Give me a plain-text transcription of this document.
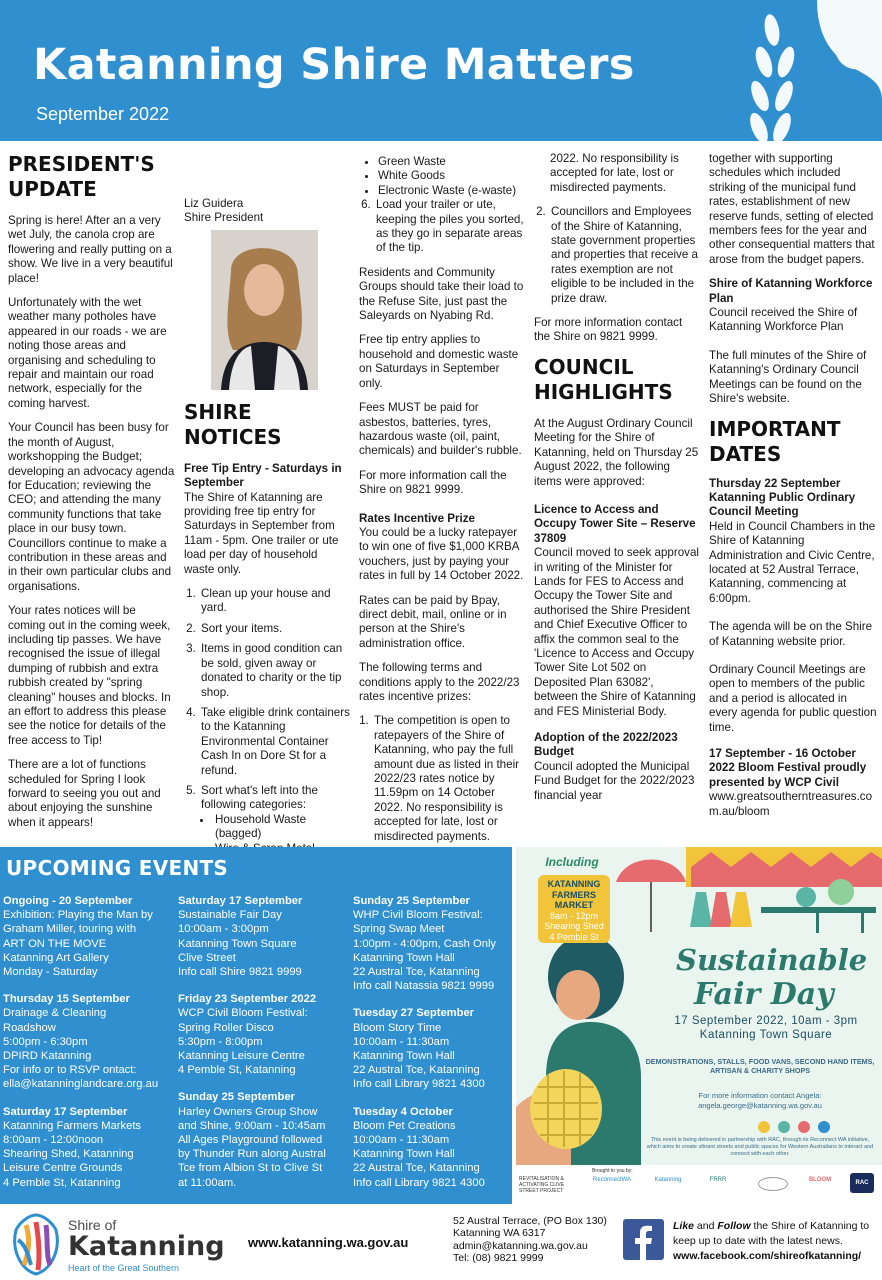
Katanning Shire Matters
September 2022
PRESIDENT'S UPDATE

Spring is here! After an a very wet July, the canola crop are flowering and really putting on a show. We live in a very beautiful place!

Unfortunately with the wet weather many potholes have appeared in our roads - we are noting those areas and organising and scheduling to repair and maintain our road network, especially for the coming harvest.

Your Council has been busy for the month of August, workshopping the Budget; developing an advocacy agenda for Education; reviewing the CEO; and attending the many community functions that take place in our busy town. Councillors continue to make a contribution in these areas and in their own particular clubs and organisations.

Your rates notices will be coming out in the coming week, including tip passes. We have recognised the issue of illegal dumping of rubbish and extra rubbish created by "spring cleaning" houses and blocks. In an effort to address this please see the notice for details of the free access to Tip!

There are a lot of functions scheduled for Spring I look forward to seeing you out and about enjoying the sunshine when it appears!

Liz Guidera
Shire President
SHIRE NOTICES
Free Tip Entry - Saturdays in September

The Shire of Katanning are providing free tip entry for Saturdays in September from 11am - 5pm. One trailer or ute load per day of household waste only.

1. Clean up your house and yard.
2. Sort your items.
3. Items in good condition can be sold, given away or donated to charity or the tip shop.
4. Take eligible drink containers to the Katanning Environmental Container Cash In on Dore St for a refund.
5. Sort what's left into the following categories:
• Household Waste (bagged)
•
•
• Green Waste
• White Goods
• Electronic Waste (e-waste)
6. Load your trailer or ute, keeping the piles you sorted, as they go in separate areas of the tip.

Residents and Community Groups should take their load to the Refuse Site, just past the Saleyards on Nyabing Rd.

Free tip entry applies to household and domestic waste on Saturdays in September only.

Fees MUST be paid for asbestos, batteries, tyres, hazardous waste (oil, paint, chemicals) and builder's rubble.

For more information call the Shire on 9821 9999.

Rates Incentive Prize

You could be a lucky ratepayer to win one of five $1,000 KRBA vouchers, just by paying your rates in full by 14 October 2022.

Rates can be paid by Bpay, direct debit, mail, online or in person at the Shire's administration office.

The following terms and conditions apply to the 2022/23 rates incentive prizes:

1. The competition is open to ratepayers of the Shire of Katanning, who pay the full amount due as listed in their 2022/23 rates notice by 11.59pm on 14 October 2022. No responsibility is accepted for late, lost or misdirected payments.

2022. No responsibility is accepted for late, lost or misdirected payments.

2. Councillors and Employees of the Shire of Katanning, state government properties and properties that receive a rates exemption are not eligible to be included in the prize draw.

For more information contact the Shire on 9821 9999.

COUNCIL HIGHLIGHTS

At the August Ordinary Council Meeting for the Shire of Katanning, held on Thursday 25 August 2022, the following items were approved:

Licence to Access and Occupy Tower Site – Reserve 37809

Council moved to seek approval in writing of the Minister for Lands for FES to Access and Occupy the Tower Site and authorised the Shire President and Chief Executive Officer to affix the common seal to the 'Licence to Access and Occupy Tower Site Lot 502 on Deposited Plan 63082', between the Shire of Katanning and FES Ministerial Body.

Adoption of the 2022/2023 Budget

Council adopted the Municipal Fund Budget for the 2022/2023 financial year

together with supporting schedules which included striking of the municipal fund rates, establishment of new reserve funds, setting of elected members fees for the year and other consequential matters that arose from the budget papers.

Shire of Katanning Workforce Plan

Council received the Shire of Katanning Workforce Plan

The full minutes of the Shire of Katanning's Ordinary Council Meetings can be found on the Shire's website.

IMPORTANT DATES
Thursday 22 September Katanning Public Ordinary Council Meeting

Held in Council Chambers in the Shire of Katanning Administration and Civic Centre, located at 52 Austral Terrace, Katanning, commencing at 6:00pm.

The agenda will be on the Shire of Katanning website prior.

Ordinary Council Meetings are open to members of the public and a period is allocated in every agenda for public question time.

17 September - 16 October 2022 Bloom Festival proudly presented by WCP Civil
www.greatsoutherntreasures.com.au/bloom
UPCOMING EVENTS
Ongoing - 20 September
Exhibition: Playing the Man by
Graham Miller, touring with
ART ON THE MOVE
Katanning Art Gallery
Monday - Saturday
Thursday 15 September
Drainage & Cleaning
Roadshow
5:00pm - 6:30pm
DPIRD Katanning
For info or to RSVP ontact:
ella@katanninglandcare.org.au
Saturday 17 September
Katanning Farmers Markets
8:00am - 12:00noon
Shearing Shed, Katanning
Leisure Centre Grounds
4 Pemble St, Katanning
Saturday 17 September
Sustainable Fair Day
10:00am - 3:00pm
Katanning Town Square
Clive Street
Info call Shire 9821 9999
Friday 23 September 2022
WCP Civil Bloom Festival:
Spring Roller Disco
5:30pm - 8:00pm
Katanning Leisure Centre
4 Pemble St, Katanning
Sunday 25 September
Harley Owners Group Show
and Shine, 9:00am - 10:45am
All Ages Playground followed
by Thunder Run along Austral
Tce from Albion St to Clive St
at 11:00am.
Sunday 25 September
WHP Civil Bloom Festival:
Spring Swap Meet
1:00pm - 4:00pm, Cash Only
Katanning Town Hall
22 Austral Tce, Katanning
Info call Natassia 9821 9999
Tuesday 27 September
Bloom Story Time
10:00am - 11:30am
Katanning Town Hall
22 Austral Tce, Katanning
Info call Library 9821 4300
Tuesday 4 October
Bloom Pet Creations
10:00am - 11:30am
Katanning Town Hall
22 Austral Tce, Katanning
Info call Library 9821 4300
Including
KATANNING FARMERS MARKET
8am - 12pm
Shearing Shed
4 Pemble St
Sustainable
Fair Day
17 September 2022, 10am - 3pm
Katanning Town Square
DEMONSTRATIONS, STALLS, FOOD VANS, SECOND HAND ITEMS, ARTISAN & CHARITY SHOPS
For more information contact Angela:
angela.george@katanning.wa.gov.au
This event is being delivered in partnership with RAC, through its Reconnect WA initiative, which aims to create vibrant streets and public spaces for Western Australians to interact and connect with each other.
REVITALISATION & ACTIVATING CLIVE STREET PROJECT
Brought to you by:
ReconnectWA	Katanning	FRRR	BLOOM	RAC
Shire of
Katanning
Heart of the Great Southern
www.katanning.wa.gov.au
52 Austral Terrace, (PO Box 130)
Katanning WA 6317
admin@katanning.wa.gov.au
Tel: (08) 9821 9999
Like and Follow the Shire of Katanning to keep up to date with the latest news.
www.facebook.com/shireofkatanning/
